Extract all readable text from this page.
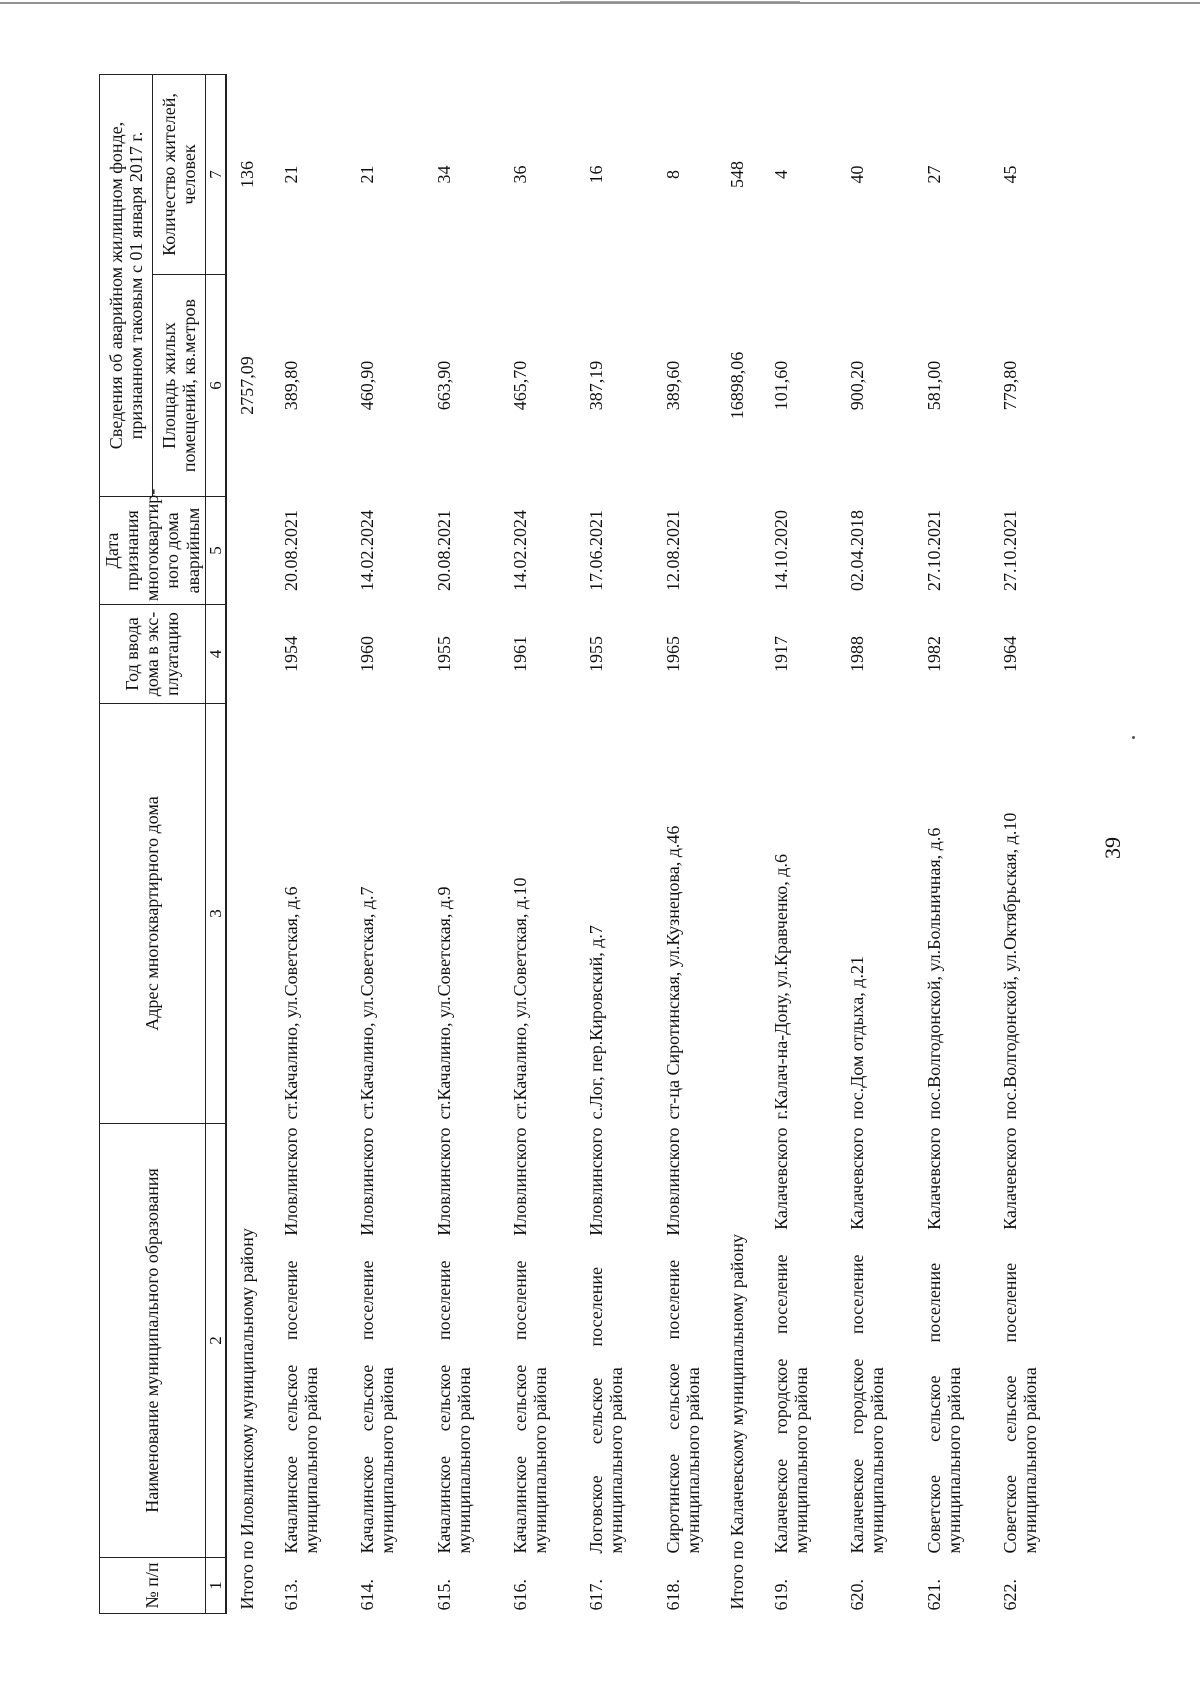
39
№ п/п	Наименование муниципального образования	Адрес многоквартирного дома	Год ввода дома в экс-плуатацию	Дата признания многоквартир-ного дома аварийным	Сведения об аварийном жилищном фонде, признанном таковым с 01 января 2017 г.	
					Площадь жилых помещений, кв.метров	Количество жителей, человек
1	2	3	4	5	6	7
Итого по Иловлинскому муниципальному району					2757,09	136
613.	Качалинское сельское поселение Иловлинского муниципального района	ст.Качалино, ул.Советская, д.6	1954	20.08.2021	389,80	21
614.	Качалинское сельское поселение Иловлинского муниципального района	ст.Качалино, ул.Советская, д.7	1960	14.02.2024	460,90	21
615.	Качалинское сельское поселение Иловлинского муниципального района	ст.Качалино, ул.Советская, д.9	1955	20.08.2021	663,90	34
616.	Качалинское сельское поселение Иловлинского муниципального района	ст.Качалино, ул.Советская, д.10	1961	14.02.2024	465,70	36
617.	Логовское сельское поселение Иловлинского муниципального района	с.Лог, пер.Кировский, д.7	1955	17.06.2021	387,19	16
618.	Сиротинское сельское поселение Иловлинского муниципального района	ст-ца Сиротинская, ул.Кузнецова, д.46	1965	12.08.2021	389,60	8
Итого по Калачевскому муниципальному району					16898,06	548
619.	Калачевское городское поселение Калачевского муниципального района	г.Калач-на-Дону, ул.Кравченко, д.6	1917	14.10.2020	101,60	4
620.	Калачевское городское поселение Калачевского муниципального района	пос.Дом отдыха, д.21	1988	02.04.2018	900,20	40
621.	Советское сельское поселение Калачевского муниципального района	пос.Волгодонской, ул.Больничная, д.6	1982	27.10.2021	581,00	27
622.	Советское сельское поселение Калачевского муниципального района	пос.Волгодонской, ул.Октябрьская, д.10	1964	27.10.2021	779,80	45
